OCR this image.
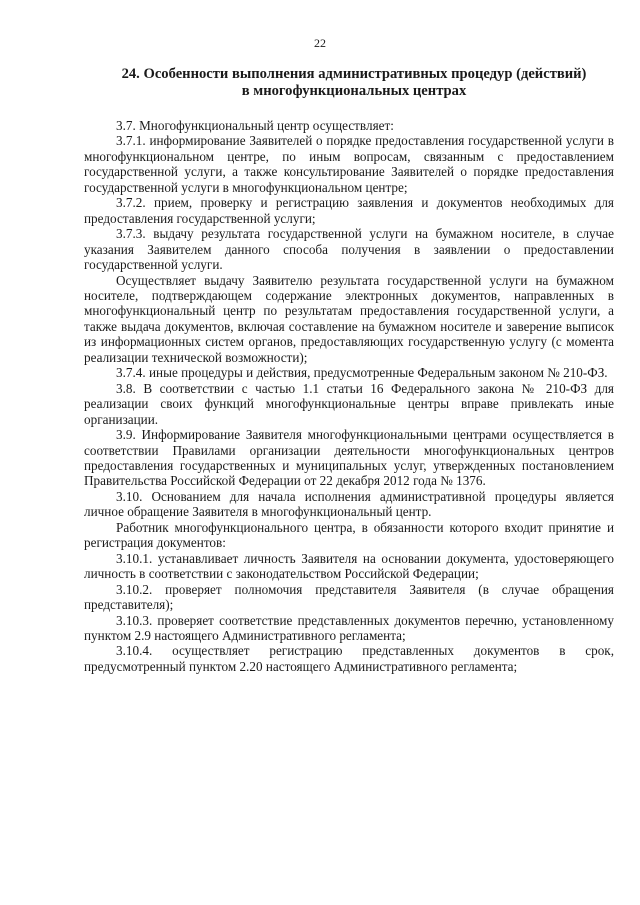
22
24. Особенности выполнения административных процедур (действий)
в многофункциональных центрах

3.7. Многофункциональный центр осуществляет:

3.7.1. информирование Заявителей о порядке предоставления государственной услуги в многофункциональном центре, по иным вопросам, связанным с предоставлением государственной услуги, а также консультирование Заявителей о порядке предоставления государственной услуги в многофункциональном центре;

3.7.2. прием, проверку и регистрацию заявления и документов необходимых для предоставления государственной услуги;

3.7.3. выдачу результата государственной услуги на бумажном носителе, в случае указания Заявителем данного способа получения в заявлении о предоставлении государственной услуги.

Осуществляет выдачу Заявителю результата государственной услуги на бумажном носителе, подтверждающем содержание электронных документов, направленных в многофункциональный центр по результатам предоставления государственной услуги, а также выдача документов, включая составление на бумажном носителе и заверение выписок из информационных систем органов, предоставляющих государственную услугу (с момента реализации технической возможности);

3.7.4. иные процедуры и действия, предусмотренные Федеральным законом № 210-ФЗ.

3.8. В соответствии с частью 1.1 статьи 16 Федерального закона № 210-ФЗ для реализации своих функций многофункциональные центры вправе привлекать иные организации.

3.9. Информирование Заявителя многофункциональными центрами осуществляется в соответствии Правилами организации деятельности многофункциональных центров предоставления государственных и муниципальных услуг, утвержденных постановлением Правительства Российской Федерации от 22 декабря 2012 года № 1376.

3.10. Основанием для начала исполнения административной процедуры является личное обращение Заявителя в многофункциональный центр.

Работник многофункционального центра, в обязанности которого входит принятие и регистрация документов:

3.10.1. устанавливает личность Заявителя на основании документа, удостоверяющего личность в соответствии с законодательством Российской Федерации;

3.10.2. проверяет полномочия представителя Заявителя (в случае обращения представителя);

3.10.3. проверяет соответствие представленных документов перечню, установленному пунктом 2.9 настоящего Административного регламента;

3.10.4. осуществляет регистрацию представленных документов в срок, предусмотренный пунктом 2.20 настоящего Административного регламента;
